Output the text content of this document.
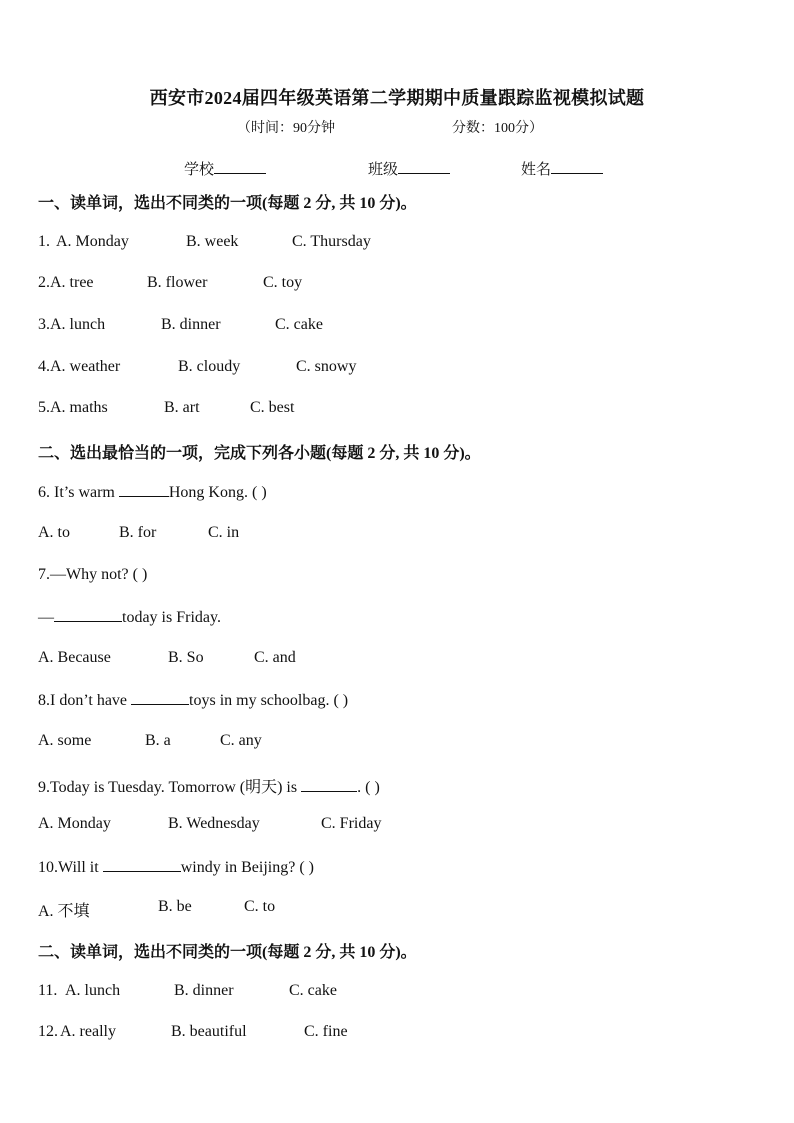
西安市2024届四年级英语第二学期期中质量跟踪监视模拟试题
（时间：90分钟	分数：100分）
学校	班级	姓名
一、读单词，选出不同类的一项(每题 2 分, 共 10 分)。
1. A. Monday	B. week	C. Thursday
2. A. tree	B. flower	C. toy
3. A. lunch	B. dinner	C. cake
4. A. weather	B. cloudy	C. snowy
5. A. maths	B. art	C. best
二、选出最恰当的一项，完成下列各小题(每题 2 分, 共 10 分)。
6. It’s warm	Hong Kong. ( )
A. to	B. for	C. in
7.—Why not? ( )
—	today is Friday.
A. Because	B. So	C. and
8.I don’t have	toys in my schoolbag. ( )
A. some	B. a	C. any
9.Today is Tuesday. Tomorrow (明天) is	. ( )
A. Monday	B. Wednesday	C. Friday
10.Will it	windy in Beijing? ( )
A. 不填	B. be	C. to
二、读单词，选出不同类的一项(每题 2 分, 共 10 分)。
11. A. lunch	B. dinner	C. cake
12. A. really	B. beautiful	C. fine
